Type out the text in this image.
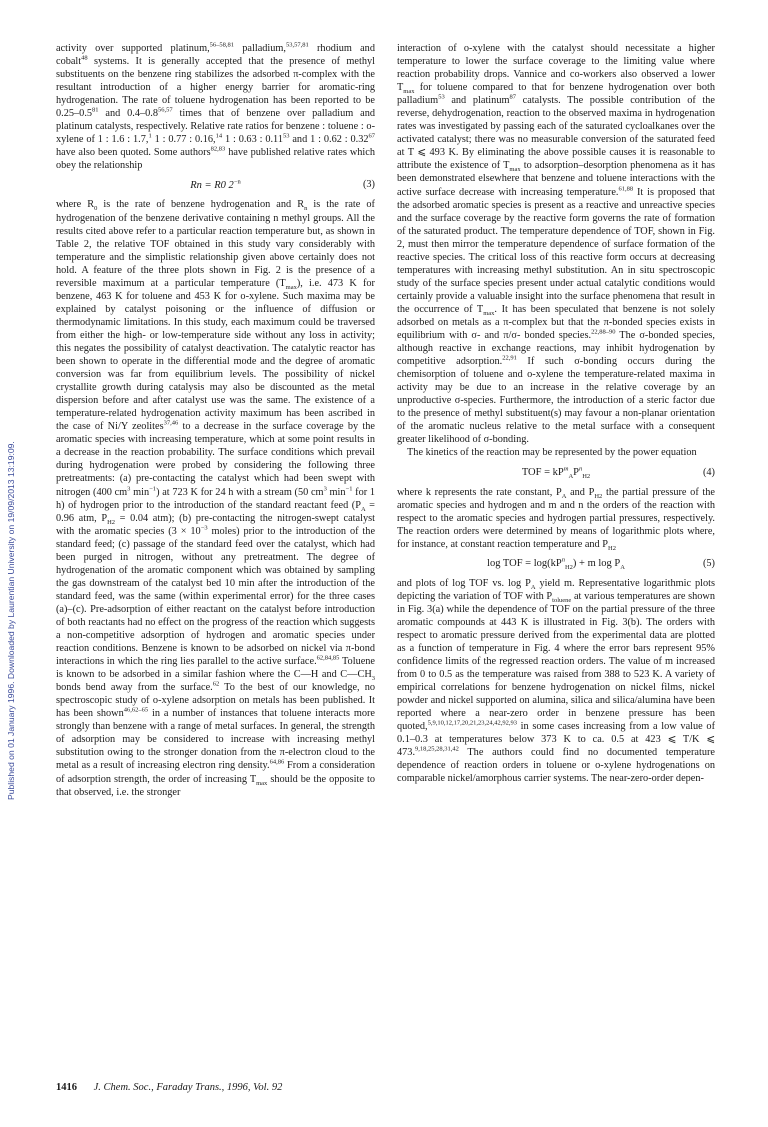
Published on 01 January 1996. Downloaded by Laurentian University on 19/09/2013 13:19:09.

activity over supported platinum,$^{56-58,81}$ palladium,$^{53,57,81}$ rhodium and cobalt$^{48}$ systems. It is generally accepted that the presence of methyl substituents on the benzene ring stabilizes the adsorbed π-complex with the resultant introduction of a higher energy barrier for aromatic-ring hydrogenation. The rate of toluene hydrogenation has been reported to be $0.25-0.5^{81}$ and 0.4–0.8$^{56,57}$ times that of benzene over palladium and platinum catalysts, respectively. Relative rate ratios for benzene : toluene : o-xylene of 1 : 1.6 : 1.7,$^1$ 1 : 0.77 : 0.16,14 1 : 0.63 : 0.11$^{53}$ and 1 : 0.62 : 0.32$^{67}$ have also been quoted. Some authors$^{82,83}$ have published relative rates which obey the relationship

Rn = R0 $2^{-n}$	(3)

where $R_0$ is the rate of benzene hydrogenation and $R_n$ is the rate of hydrogenation of the benzene derivative containing n methyl groups. All the results cited above refer to a particular reaction temperature but, as shown in Table 2, the relative TOF obtained in this study vary considerably with temperature and the simplistic relationship given above certainly does not hold. A feature of the three plots shown in Fig. 2 is the presence of a reversible maximum at a particular temperature $(T_{max})$, i.e. 473 K for benzene, 463 K for toluene and 453 K for o-xylene. Such maxima may be explained by catalyst poisoning or the influence of diffusion or thermodynamic limitations. In this study, each maximum could be traversed from either the high- or low-temperature side without any loss in activity; this negates the possibility of catalyst deactivation. The catalytic reactor has been shown to operate in the differential mode and the degree of aromatic conversion was far from equilibrium levels. The possibility of nickel crystallite growth during catalysis may also be discounted as the metal dispersion before and after catalyst use was the same. The existence of a temperature-related hydrogenation activity maximum has been ascribed in the case of Ni/Y zeolites$^{37,46}$ to a decrease in the surface coverage by the aromatic species with increasing temperature, which at some point results in a decrease in the reaction probability. The surface conditions which prevail during hydrogenation were probed by considering the following three pretreatments: (a) pre-contacting the catalyst which had been swept with nitrogen (400 $cm^3$ $\min^{-1}$) at 723 K for 24 h with a stream (50 $cm^3$ $\min^{-1}$ for 1 h) of hydrogen prior to the introduction of the standard reactant feed ($P_A = 0.96$ atm, $P_{H2} = 0.04$ atm); (b) pre-contacting the nitrogen-swept catalyst with the aromatic species ($3 \times 10^{-3}$ moles) prior to the introduction of the standard feed; (c) passage of the standard feed over the catalyst, which had been purged in nitrogen, without any pretreatment. The degree of hydrogenation of the aromatic component which was obtained by sampling the gas downstream of the catalyst bed 10 min after the introduction of the standard feed, was the same (within experimental error) for the three cases (a)–(c). Pre-adsorption of either reactant on the catalyst before introduction of both reactants had no effect on the progress of the reaction which suggests a non-competitive adsorption of hydrogen and aromatic species under reaction conditions. Benzene is known to be adsorbed on nickel via π-bond interactions in which the ring lies parallel to the active surface.$^{62,84,85}$ Toluene is known to be adsorbed in a similar fashion where the C—H and $C—CH_3$ bonds bend away from the surface.$^{62}$ To the best of our knowledge, no spectroscopic study of o-xylene adsorption on metals has been published. It has been shown$^{46,62-65}$ in a number of instances that toluene interacts more strongly than benzene with a range of metal surfaces. In general, the strength of adsorption may be considered to increase with increasing methyl substitution owing to the stronger donation from the π-electron cloud to the metal as a result of increasing electron ring density.$^{64,86}$ From a consideration of adsorption strength, the order of increasing $T_{max}$ should be the opposite to that observed, i.e. the stronger

interaction of o-xylene with the catalyst should necessitate a higher temperature to lower the surface coverage to the limiting value where reaction probability drops. Vannice and co-workers also observed a lower $T_{max}$ for toluene compared to that for benzene hydrogenation over both palladium$^{53}$ and platinum$^{87}$ catalysts. The possible contribution of the reverse, dehydrogenation, reaction to the observed maxima in hydrogenation rates was investigated by passing each of the saturated cycloalkanes over the activated catalyst; there was no measurable conversion of the saturated feed at T ⩽ 493 K. By eliminating the above possible causes it is reasonable to attribute the existence of $T_{max}$ to adsorption–desorption phenomena as it has been demonstrated elsewhere that benzene and toluene interactions with the active surface decrease with increasing temperature.$^{61,88}$ It is proposed that the adsorbed aromatic species is present as a reactive and unreactive species and the surface coverage by the reactive form governs the rate of formation of the saturated product. The temperature dependence of TOF, shown in Fig. 2, must then mirror the temperature dependence of surface formation of the reactive species. The critical loss of this reactive form occurs at decreasing temperatures with increasing methyl substitution. An in situ spectroscopic study of the surface species present under actual catalytic conditions would certainly provide a valuable insight into the surface phenomena that result in the occurrence of $T_{max}$. It has been speculated that benzene is not solely adsorbed on metals as a π-complex but that the π-bonded species exists in equilibrium with σ- and π/σ- bonded species.$^{22,88-90}$ The σ-bonded species, although reactive in exchange reactions, may inhibit hydrogenation by competitive adsorption.$^{22,91}$ If such σ-bonding occurs during the chemisorption of toluene and o-xylene the temperature-related maxima in activity may be due to an increase in the relative coverage by an unproductive σ-species. Furthermore, the introduction of a steric factor due to the presence of methyl substituent(s) may favour a non-planar orientation of the aromatic nucleus relative to the metal surface with a consequent greater likelihood of σ-bonding.

The kinetics of the reaction may be represented by the power equation

TOF = $kP^m_AP^n_{H2}$	(4)

where k represents the rate constant, $P_A$ and $P_{H2}$ the partial pressure of the aromatic species and hydrogen and m and n the orders of the reaction with respect to the aromatic species and hydrogen partial pressures, respectively. The reaction orders were determined by means of logarithmic plots where, for instance, at constant reaction temperature and $P_{H2}$

log TOF = $\log(kP^n_{H2}) + m$ $\log P_A$	(5)

and plots of log TOF vs. $\log P_A$ yield m. Representative logarithmic plots depicting the variation of TOF with $P_{toluene}$ at various temperatures are shown in Fig. 3(a) while the dependence of TOF on the partial pressure of the three aromatic compounds at 443 K is illustrated in Fig. 3(b). The orders with respect to aromatic pressure derived from the experimental data are plotted as a function of temperature in Fig. 4 where the error bars represent 95% confidence limits of the regressed reaction orders. The value of m increased from 0 to 0.5 as the temperature was raised from 388 to 523 K. A variety of empirical correlations for benzene hydrogenation on nickel films, nickel powder and nickel supported on alumina, silica and silica/alumina have been reported where a near-zero order in benzene pressure has been quoted,$^{5,9,10,12,17,20,21,23,24,42,92,93}$ in some cases increasing from a low value of 0.1–0.3 at temperatures below 373 K to ca. 0.5 at 423 ⩽ T/K ⩽ 473.$^{9,18,25,28,31,42}$ The authors could find no documented temperature dependence of reaction orders in toluene or o-xylene hydrogenations on comparable nickel/amorphous carrier systems. The near-zero-order depen-

1416 J. Chem. Soc., Faraday Trans., 1996, Vol. 92
